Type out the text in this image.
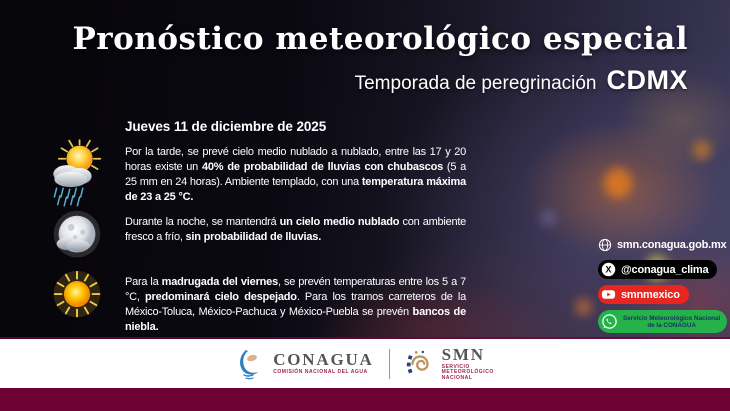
Pronóstico meteorológico especial
Temporada de peregrinación CDMX
Jueves 11 de diciembre de 2025

Por la tarde, se prevé cielo medio nublado a nublado, entre las 17 y 20 horas existe un 40% de probabilidad de lluvias con chubascos (5 a 25 mm en 24 horas). Ambiente templado, con una temperatura máxima de 23 a 25 °C.

Durante la noche, se mantendrá un cielo medio nublado con ambiente fresco a frío, sin probabilidad de lluvias.

Para la madrugada del viernes, se prevén temperaturas entre los 5 a 7 °C, predominará cielo despejado. Para los tramos carreteros de la México-Toluca, México-Pachuca y México-Puebla se prevén bancos de niebla.

smn.conagua.gob.mx
X @conagua_clima
smnmexico
Servicio Meteorológico Nacional
de la CONAGUA
CONAGUA
COMISIÓN NACIONAL DEL AGUA
SMN
SERVICIO
METEOROLÓGICO
NACIONAL
